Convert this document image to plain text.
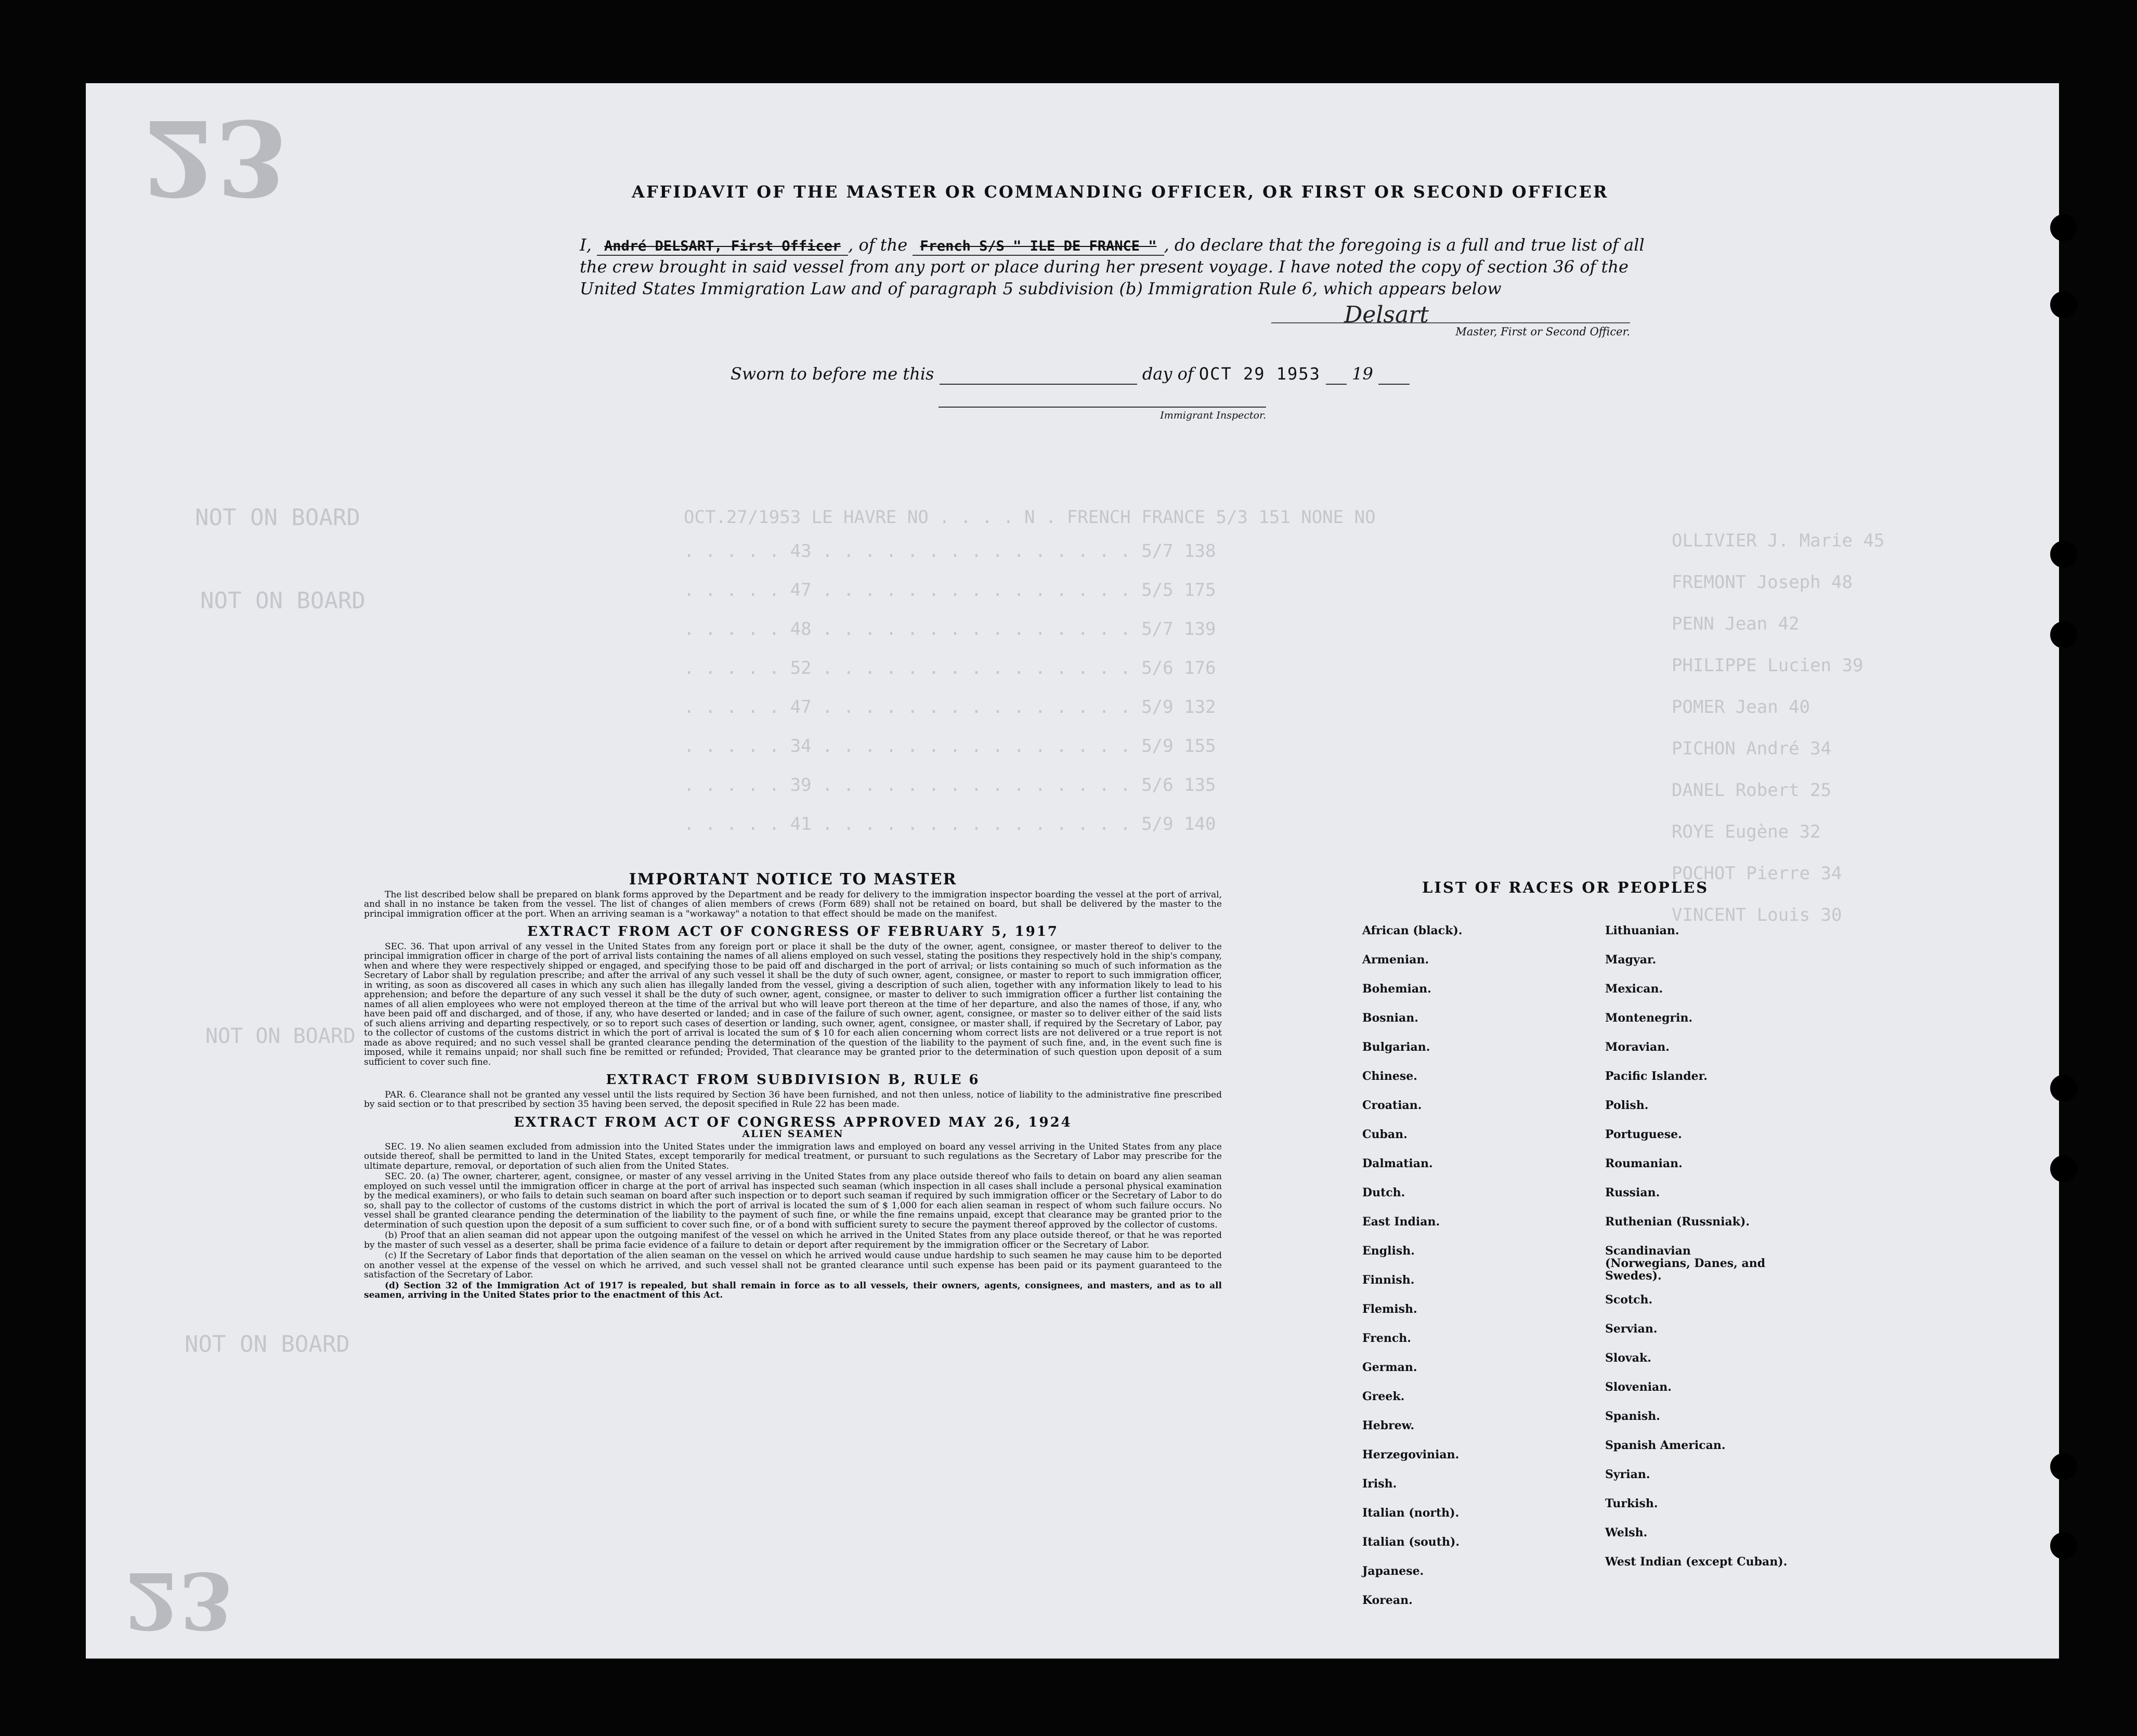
23
23
OCT.27/1953 LE HAVRE NO . . . . N . FRENCH FRANCE 5/3 151 NONE NO
. . . . . 43 . . . . . . . . . . . . . . . 5/7 138
. . . . . 47 . . . . . . . . . . . . . . . 5/5 175
. . . . . 48 . . . . . . . . . . . . . . . 5/7 139
. . . . . 52 . . . . . . . . . . . . . . . 5/6 176
. . . . . 47 . . . . . . . . . . . . . . . 5/9 132
. . . . . 34 . . . . . . . . . . . . . . . 5/9 155
. . . . . 39 . . . . . . . . . . . . . . . 5/6 135
. . . . . 41 . . . . . . . . . . . . . . . 5/9 140
OLLIVIER J. Marie 45
FREMONT Joseph 48
PENN Jean 42
PHILIPPE Lucien 39
POMER Jean 40
PICHON André 34
DANEL Robert 25
ROYE Eugène 32
POCHOT Pierre 34
VINCENT Louis 30
NOT ON BOARD
NOT ON BOARD
NOT ON BOARD
NOT ON BOARD
AFFIDAVIT OF THE MASTER OR COMMANDING OFFICER, OR FIRST OR SECOND OFFICER
I, André DELSART, First Officer , of the French S/S " ILE DE FRANCE " , do declare that the foregoing is a full and true list of all the crew brought in said vessel from any port or place during her present voyage. I have noted the copy of section 36 of the United States Immigration Law and of paragraph 5 subdivision (b) Immigration Rule 6, which appears below
Delsart
Master, First or Second Officer.
Sworn to before me this	day of OCT 29 1953 19
Immigrant Inspector.
IMPORTANT NOTICE TO MASTER

The list described below shall be prepared on blank forms approved by the Department and be ready for delivery to the immigration inspector boarding the vessel at the port of arrival, and shall in no instance be taken from the vessel. The list of changes of alien members of crews (Form 689) shall not be retained on board, but shall be delivered by the master to the principal immigration officer at the port. When an arriving seaman is a "workaway" a notation to that effect should be made on the manifest.

EXTRACT FROM ACT OF CONGRESS OF FEBRUARY 5, 1917

SEC. 36. That upon arrival of any vessel in the United States from any foreign port or place it shall be the duty of the owner, agent, consignee, or master thereof to deliver to the principal immigration officer in charge of the port of arrival lists containing the names of all aliens employed on such vessel, stating the positions they respectively hold in the ship's company, when and where they were respectively shipped or engaged, and specifying those to be paid off and discharged in the port of arrival; or lists containing so much of such information as the Secretary of Labor shall by regulation prescribe; and after the arrival of any such vessel it shall be the duty of such owner, agent, consignee, or master to report to such immigration officer, in writing, as soon as discovered all cases in which any such alien has illegally landed from the vessel, giving a description of such alien, together with any information likely to lead to his apprehension; and before the departure of any such vessel it shall be the duty of such owner, agent, consignee, or master to deliver to such immigration officer a further list containing the names of all alien employees who were not employed thereon at the time of the arrival but who will leave port thereon at the time of her departure, and also the names of those, if any, who have been paid off and discharged, and of those, if any, who have deserted or landed; and in case of the failure of such owner, agent, consignee, or master so to deliver either of the said lists of such aliens arriving and departing respectively, or so to report such cases of desertion or landing, such owner, agent, consignee, or master shall, if required by the Secretary of Labor, pay to the collector of customs of the customs district in which the port of arrival is located the sum of $ 10 for each alien concerning whom correct lists are not delivered or a true report is not made as above required; and no such vessel shall be granted clearance pending the determination of the question of the liability to the payment of such fine, and, in the event such fine is imposed, while it remains unpaid; nor shall such fine be remitted or refunded; Provided, That clearance may be granted prior to the determination of such question upon deposit of a sum sufficient to cover such fine.

EXTRACT FROM SUBDIVISION B, RULE 6

PAR. 6. Clearance shall not be granted any vessel until the lists required by Section 36 have been furnished, and not then unless, notice of liability to the administrative fine prescribed by said section or to that prescribed by section 35 having been served, the deposit specified in Rule 22 has been made.

EXTRACT FROM ACT OF CONGRESS APPROVED MAY 26, 1924
ALIEN SEAMEN

SEC. 19. No alien seamen excluded from admission into the United States under the immigration laws and employed on board any vessel arriving in the United States from any place outside thereof, shall be permitted to land in the United States, except temporarily for medical treatment, or pursuant to such regulations as the Secretary of Labor may prescribe for the ultimate departure, removal, or deportation of such alien from the United States.

SEC. 20. (a) The owner, charterer, agent, consignee, or master of any vessel arriving in the United States from any place outside thereof who fails to detain on board any alien seaman employed on such vessel until the immigration officer in charge at the port of arrival has inspected such seaman (which inspection in all cases shall include a personal physical examination by the medical examiners), or who fails to detain such seaman on board after such inspection or to deport such seaman if required by such immigration officer or the Secretary of Labor to do so, shall pay to the collector of customs of the customs district in which the port of arrival is located the sum of $ 1,000 for each alien seaman in respect of whom such failure occurs. No vessel shall be granted clearance pending the determination of the liability to the payment of such fine, or while the fine remains unpaid, except that clearance may be granted prior to the determination of such question upon the deposit of a sum sufficient to cover such fine, or of a bond with sufficient surety to secure the payment thereof approved by the collector of customs.

(b) Proof that an alien seaman did not appear upon the outgoing manifest of the vessel on which he arrived in the United States from any place outside thereof, or that he was reported by the master of such vessel as a deserter, shall be prima facie evidence of a failure to detain or deport after requirement by the immigration officer or the Secretary of Labor.

(c) If the Secretary of Labor finds that deportation of the alien seaman on the vessel on which he arrived would cause undue hardship to such seamen he may cause him to be deported on another vessel at the expense of the vessel on which he arrived, and such vessel shall not be granted clearance until such expense has been paid or its payment guaranteed to the satisfaction of the Secretary of Labor.

(d) Section 32 of the Immigration Act of 1917 is repealed, but shall remain in force as to all vessels, their owners, agents, consignees, and masters, and as to all seamen, arriving in the United States prior to the enactment of this Act.

LIST OF RACES OR PEOPLES
African (black).
Armenian.
Bohemian.
Bosnian.
Bulgarian.
Chinese.
Croatian.
Cuban.
Dalmatian.
Dutch.
East Indian.
English.
Finnish.
Flemish.
French.
German.
Greek.
Hebrew.
Herzegovinian.
Irish.
Italian (north).
Italian (south).
Japanese.
Korean.
Lithuanian.
Magyar.
Mexican.
Montenegrin.
Moravian.
Pacific Islander.
Polish.
Portuguese.
Roumanian.
Russian.
Ruthenian (Russniak).
Scandinavian (Norwegians, Danes, and Swedes).
Scotch.
Servian.
Slovak.
Slovenian.
Spanish.
Spanish American.
Syrian.
Turkish.
Welsh.
West Indian (except Cuban).
